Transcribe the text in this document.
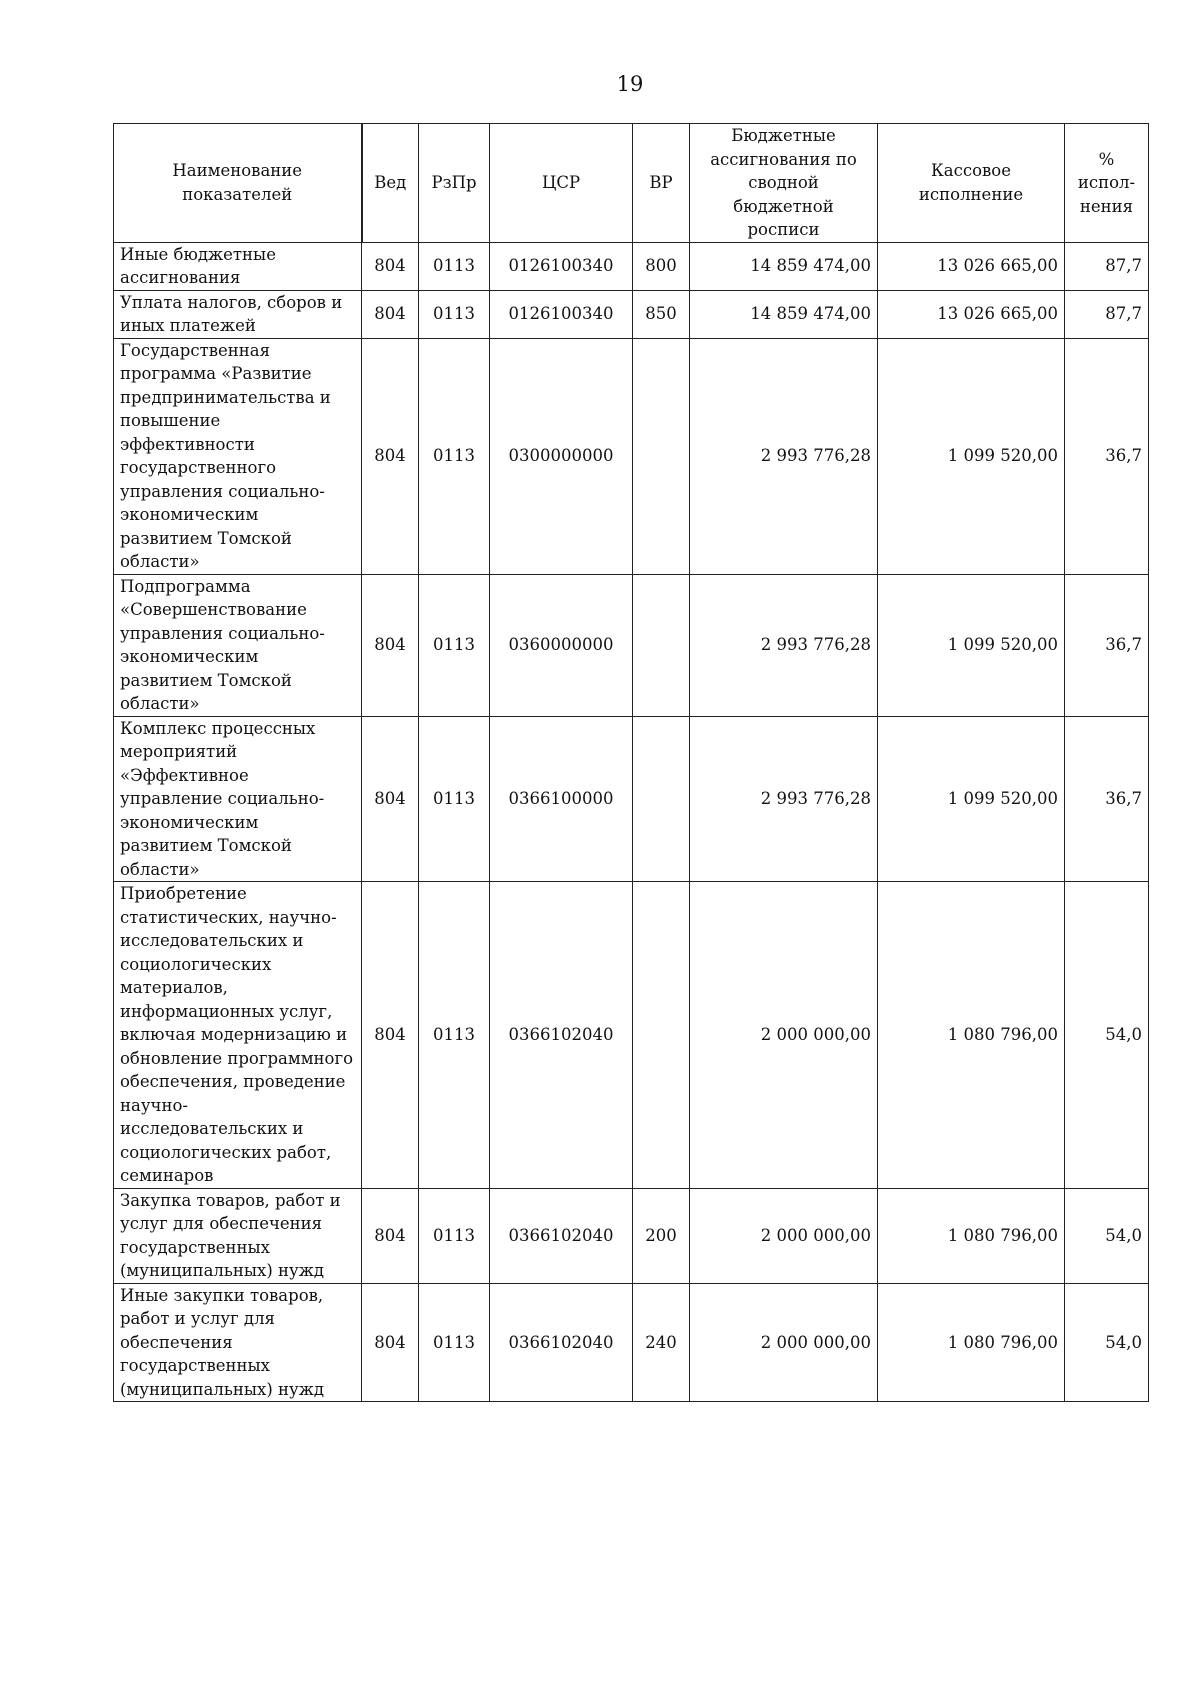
19
Наименование показателей	Вед	РзПр	ЦСР	ВР	Бюджетные ассигнования по сводной бюджетной росписи	Кассовое исполнение	% испол-нения
Иные бюджетные ассигнования	804	0113	0126100340	800	14 859 474,00	13 026 665,00	87,7
Уплата налогов, сборов и иных платежей	804	0113	0126100340	850	14 859 474,00	13 026 665,00	87,7
Государственная программа «Развитие предпринимательства и повышение эффективности государственного управления социально-экономическим развитием Томской области»	804	0113	0300000000		2 993 776,28	1 099 520,00	36,7
Подпрограмма «Совершенствование управления социально-экономическим развитием Томской области»	804	0113	0360000000		2 993 776,28	1 099 520,00	36,7
Комплекс процессных мероприятий «Эффективное управление социально-экономическим развитием Томской области»	804	0113	0366100000		2 993 776,28	1 099 520,00	36,7
Приобретение статистических, научно-исследовательских и социологических материалов, информационных услуг, включая модернизацию и обновление программного обеспечения, проведение научно-исследовательских и социологических работ, семинаров	804	0113	0366102040		2 000 000,00	1 080 796,00	54,0
Закупка товаров, работ и услуг для обеспечения государственных (муниципальных) нужд	804	0113	0366102040	200	2 000 000,00	1 080 796,00	54,0
Иные закупки товаров, работ и услуг для обеспечения государственных (муниципальных) нужд	804	0113	0366102040	240	2 000 000,00	1 080 796,00	54,0
